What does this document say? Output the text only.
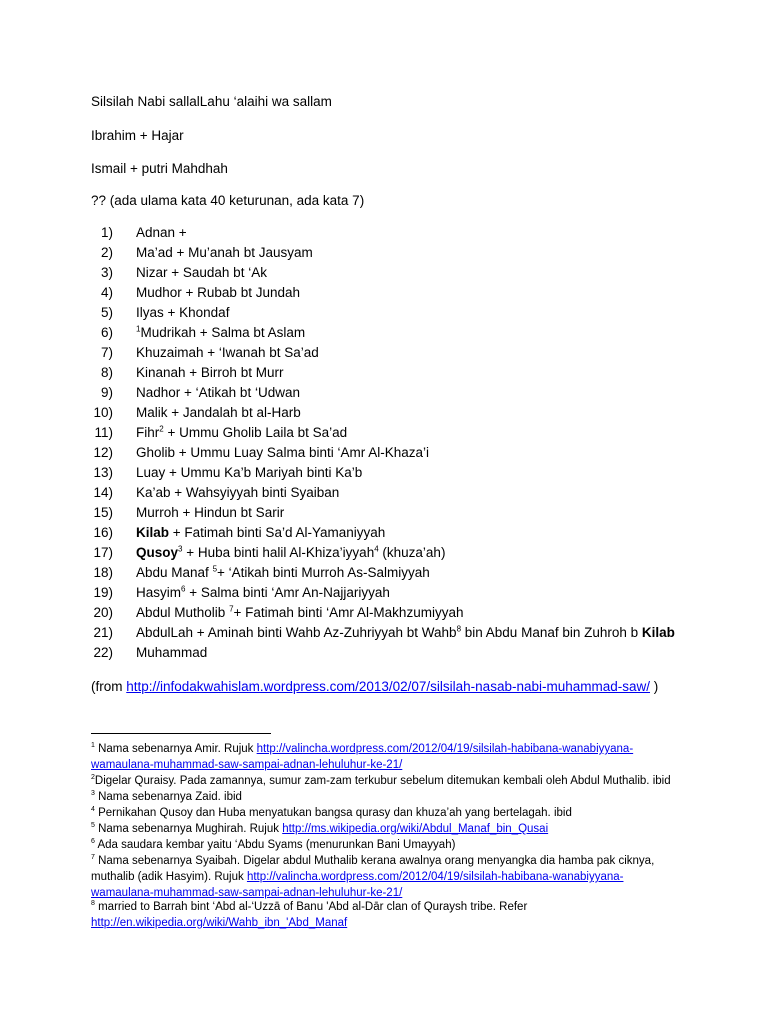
Silsilah Nabi sallalLahu ‘alaihi wa sallam
Ibrahim + Hajar
Ismail + putri Mahdhah
?? (ada ulama kata 40 keturunan, ada kata 7)
1) Adnan +
2) Ma’ad + Mu’anah bt Jausyam
3) Nizar + Saudah bt ‘Ak
4) Mudhor + Rubab bt Jundah
5) Ilyas + Khondaf
6)	$^1$Mudrikah + Salma bt Aslam
7) Khuzaimah + ‘Iwanah bt Sa’ad
8) Kinanah + Birroh bt Murr
9) Nadhor + ‘Atikah bt ‘Udwan
10) Malik + Jandalah bt al-Harb
11) Fihr$^2$ + Ummu Gholib Laila bt Sa’ad
12) Gholib + Ummu Luay Salma binti ‘Amr Al-Khaza’i
13) Luay + Ummu Ka’b Mariyah binti Ka’b
14) Ka’ab + Wahsyiyyah binti Syaiban
15) Murroh + Hindun bt Sarir
16) Kilab + Fatimah binti Sa’d Al-Yamaniyyah
17) Qusoy$^3$ + Huba binti halil Al-Khiza’iyyah$^4$ (khuza’ah)
18) Abdu Manaf $^5$+ ‘Atikah binti Murroh As-Salmiyyah
19) Hasyim$^6$ + Salma binti ‘Amr An-Najjariyyah
20) Abdul Mutholib $^7$+ Fatimah binti ‘Amr Al-Makhzumiyyah
21) AbdulLah + Aminah binti Wahb Az-Zuhriyyah bt Wahb$^8$ bin Abdu Manaf bin Zuhroh b Kilab
22) Muhammad
(from http://infodakwahislam.wordpress.com/2013/02/07/silsilah-nasab-nabi-muhammad-saw/ )
$^1$ Nama sebenarnya Amir. Rujuk http://valincha.wordpress.com/2012/04/19/silsilah-habibana-wanabiyyana-wamaulana-muhammad-saw-sampai-adnan-lehuluhur-ke-21/
$^2$Digelar Quraisy. Pada zamannya, sumur zam-zam terkubur sebelum ditemukan kembali oleh Abdul Muthalib. ibid
$^3$ Nama sebenarnya Zaid. ibid
$^4$ Pernikahan Qusoy dan Huba menyatukan bangsa qurasy dan khuza’ah yang bertelagah. ibid
$^5$ Nama sebenarnya Mughirah. Rujuk http://ms.wikipedia.org/wiki/Abdul_Manaf_bin_Qusai
$^6$ Ada saudara kembar yaitu ‘Abdu Syams (menurunkan Bani Umayyah)
$^7$ Nama sebenarnya Syaibah. Digelar abdul Muthalib kerana awalnya orang menyangka dia hamba pak ciknya, muthalib (adik Hasyim). Rujuk http://valincha.wordpress.com/2012/04/19/silsilah-habibana-wanabiyyana-wamaulana-muhammad-saw-sampai-adnan-lehuluhur-ke-21/
$^8$ married to Barrah bint ‘Abd al-‘Uzzā of Banu 'Abd al-Dār clan of Quraysh tribe. Refer http://en.wikipedia.org/wiki/Wahb_ibn_'Abd_Manaf
